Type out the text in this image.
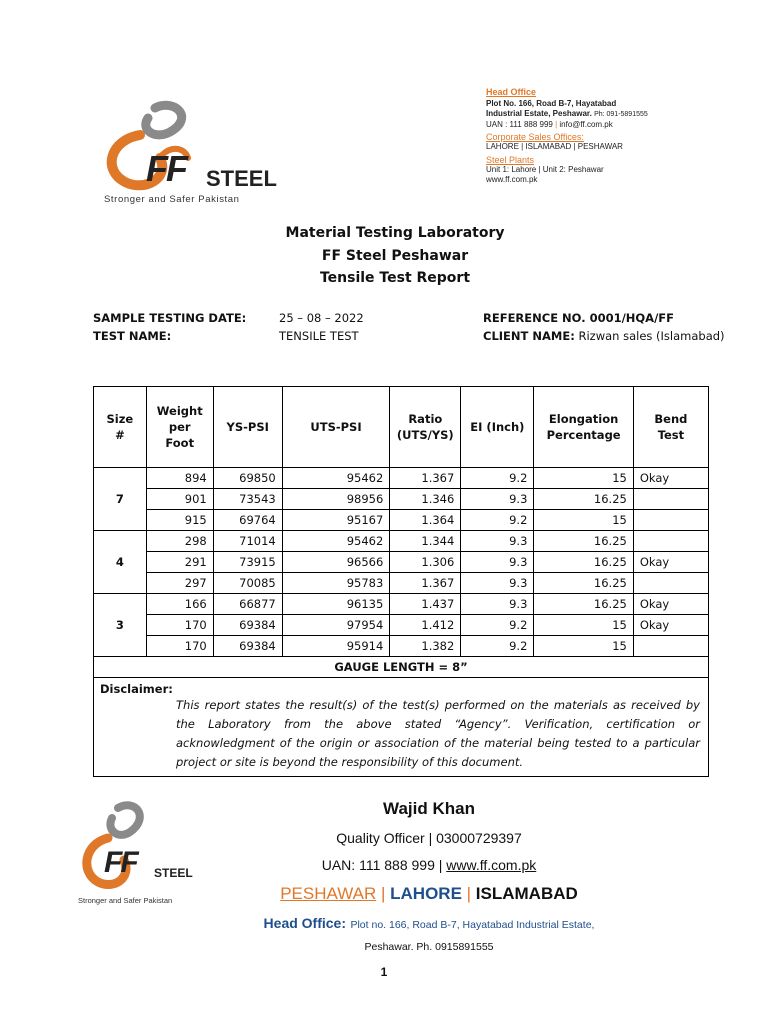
FF STEEL
Stronger and Safer Pakistan
Head Office
Plot No. 166, Road B-7, Hayatabad
Industrial Estate, Peshawar. Ph: 091-5891555
UAN : 111 888 999 | info@ff.com.pk
Corporate Sales Offices:
LAHORE | ISLAMABAD | PESHAWAR
Steel Plants
Unit 1: Lahore | Unit 2: Peshawar
www.ff.com.pk
Material Testing Laboratory
FF Steel Peshawar
Tensile Test Report
SAMPLE TESTING DATE:	25 – 08 – 2022	REFERENCE NO. 0001/HQA/FF
TEST NAME:	TENSILE TEST	CLIENT NAME: Rizwan sales (Islamabad)
Size #	Weight per Foot	YS-PSI	UTS-PSI	Ratio (UTS/YS)	EI (Inch)	Elongation Percentage	Bend Test
7	894	69850	95462	1.367	9.2	15	Okay
	901	73543	98956	1.346	9.3	16.25	
	915	69764	95167	1.364	9.2	15	
4	298	71014	95462	1.344	9.3	16.25	
	291	73915	96566	1.306	9.3	16.25	Okay
	297	70085	95783	1.367	9.3	16.25	
3	166	66877	96135	1.437	9.3	16.25	Okay
	170	69384	97954	1.412	9.2	15	Okay
	170	69384	95914	1.382	9.2	15	
GAUGE LENGTH = 8”							

Disclaimer:
This report states the result(s) of the test(s) performed on the materials as received by the Laboratory from the above stated “Agency”. Verification, certification or acknowledgment of the origin or association of the material being tested to a particular project or site is beyond the responsibility of this document.							
FF STEEL
Stronger and Safer Pakistan
Wajid Khan
Quality Officer | 03000729397
UAN: 111 888 999 | www.ff.com.pk
PESHAWAR | LAHORE | ISLAMABAD
Head Office: Plot no. 166, Road B-7, Hayatabad Industrial Estate,
Peshawar. Ph. 0915891555
1
